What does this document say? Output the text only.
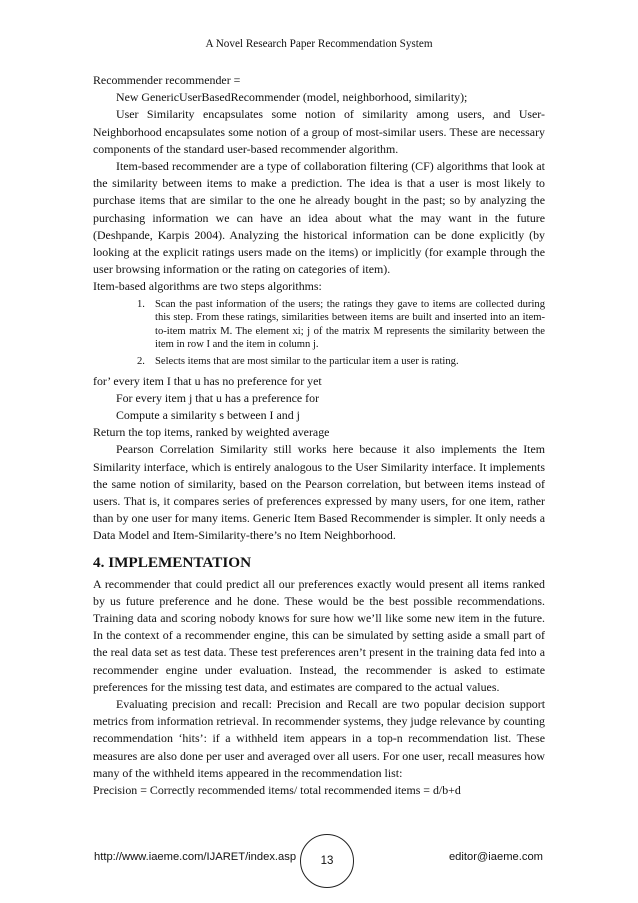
A Novel Research Paper Recommendation System

Recommender recommender =

New GenericUserBasedRecommender (model, neighborhood, similarity);

User Similarity encapsulates some notion of similarity among users, and User-Neighborhood encapsulates some notion of a group of most-similar users. These are necessary components of the standard user-based recommender algorithm.

Item-based recommender are a type of collaboration filtering (CF) algorithms that look at the similarity between items to make a prediction. The idea is that a user is most likely to purchase items that are similar to the one he already bought in the past; so by analyzing the purchasing information we can have an idea about what the may want in the future (Deshpande, Karpis 2004). Analyzing the historical information can be done explicitly (by looking at the explicit ratings users made on the items) or implicitly (for example through the user browsing information or the rating on categories of item).

Item-based algorithms are two steps algorithms:

1. Scan the past information of the users; the ratings they gave to items are collected during this step. From these ratings, similarities between items are built and inserted into an item-to-item matrix M. The element xi; j of the matrix M represents the similarity between the item in row I and the item in column j.
2. Selects items that are most similar to the particular item a user is rating.

for’ every item I that u has no preference for yet

For every item j that u has a preference for

Compute a similarity s between I and j

Return the top items, ranked by weighted average

Pearson Correlation Similarity still works here because it also implements the Item Similarity interface, which is entirely analogous to the User Similarity interface. It implements the same notion of similarity, based on the Pearson correlation, but between items instead of users. That is, it compares series of preferences expressed by many users, for one item, rather than by one user for many items. Generic Item Based Recommender is simpler. It only needs a Data Model and Item-Similarity-there’s no Item Neighborhood.

4. IMPLEMENTATION

A recommender that could predict all our preferences exactly would present all items ranked by us future preference and he done. These would be the best possible recommendations. Training data and scoring nobody knows for sure how we’ll like some new item in the future. In the context of a recommender engine, this can be simulated by setting aside a small part of the real data set as test data. These test preferences aren’t present in the training data fed into a recommender engine under evaluation. Instead, the recommender is asked to estimate preferences for the missing test data, and estimates are compared to the actual values.

Evaluating precision and recall: Precision and Recall are two popular decision support metrics from information retrieval. In recommender systems, they judge relevance by counting recommendation ‘hits’: if a withheld item appears in a top-n recommendation list. These measures are also done per user and averaged over all users. For one user, recall measures how many of the withheld items appeared in the recommendation list:

Precision = Correctly recommended items/ total recommended items = d/b+d

http://www.iaeme.com/IJARET/index.asp 13	editor@iaeme.com
